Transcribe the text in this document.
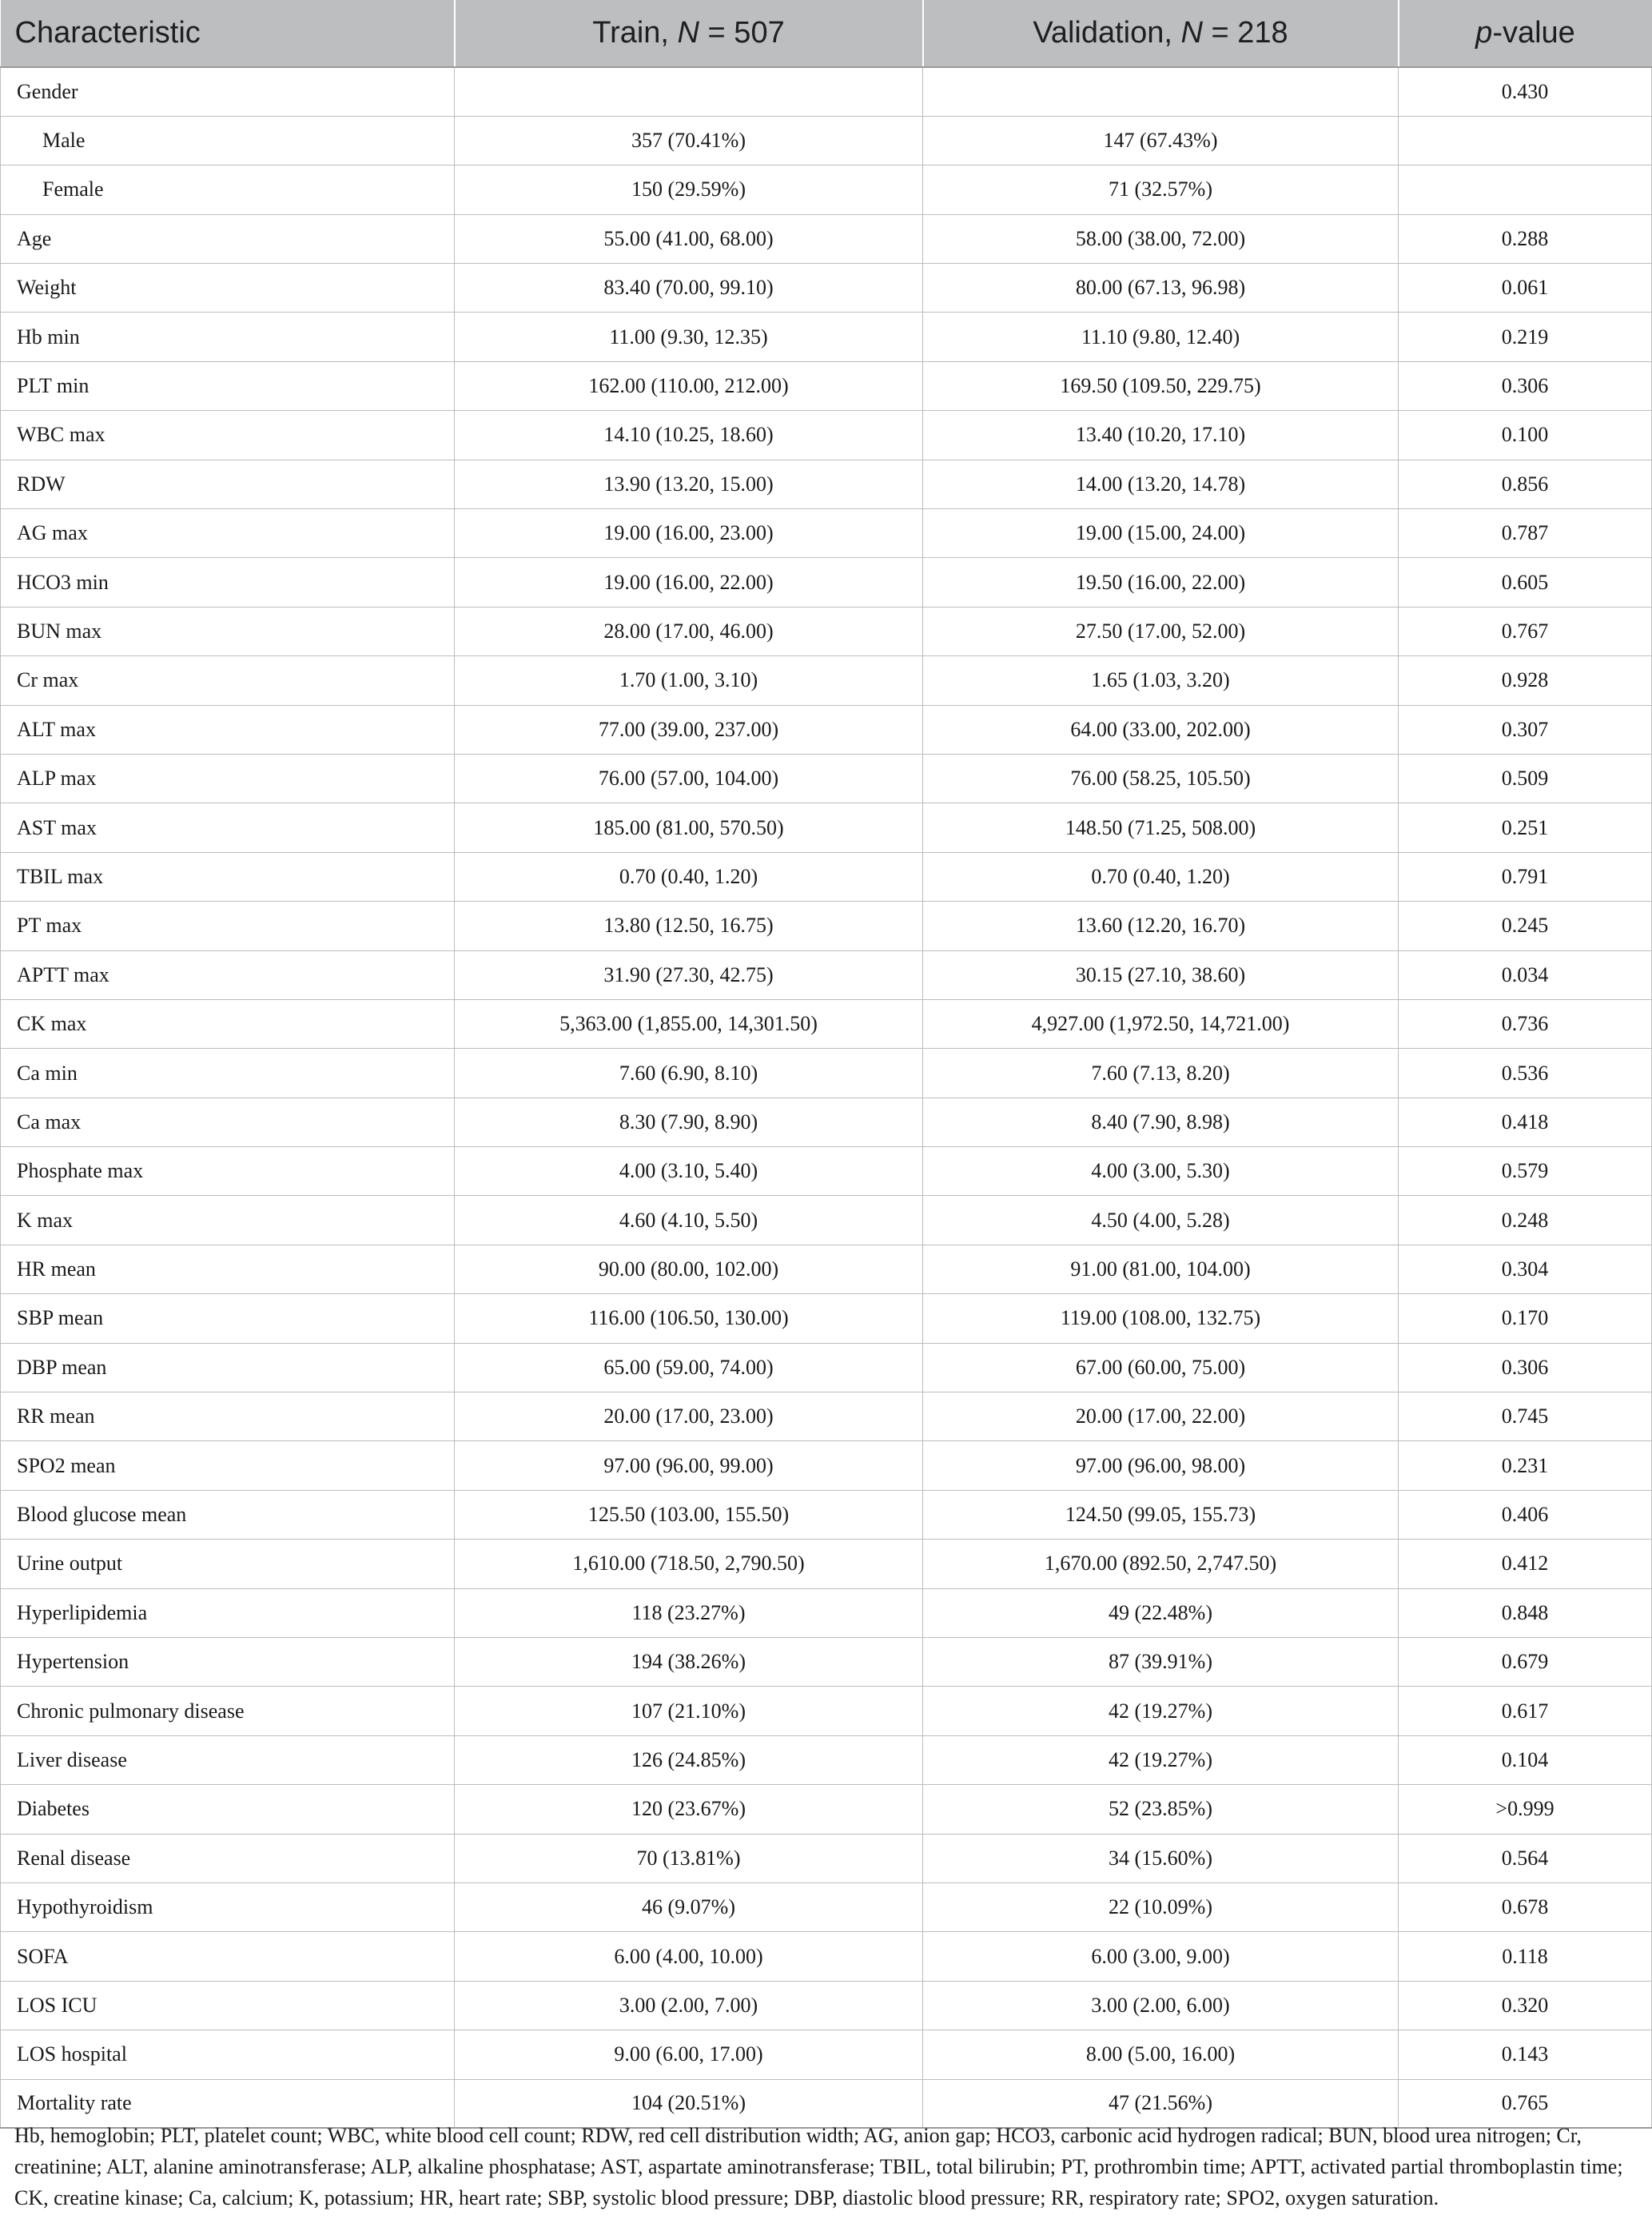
Characteristic	Train, N = 507	Validation, N = 218	p-value
Gender			0.430
Male	357 (70.41%)	147 (67.43%)	
Female	150 (29.59%)	71 (32.57%)	
Age	55.00 (41.00, 68.00)	58.00 (38.00, 72.00)	0.288
Weight	83.40 (70.00, 99.10)	80.00 (67.13, 96.98)	0.061
Hb min	11.00 (9.30, 12.35)	11.10 (9.80, 12.40)	0.219
PLT min	162.00 (110.00, 212.00)	169.50 (109.50, 229.75)	0.306
WBC max	14.10 (10.25, 18.60)	13.40 (10.20, 17.10)	0.100
RDW	13.90 (13.20, 15.00)	14.00 (13.20, 14.78)	0.856
AG max	19.00 (16.00, 23.00)	19.00 (15.00, 24.00)	0.787
HCO3 min	19.00 (16.00, 22.00)	19.50 (16.00, 22.00)	0.605
BUN max	28.00 (17.00, 46.00)	27.50 (17.00, 52.00)	0.767
Cr max	1.70 (1.00, 3.10)	1.65 (1.03, 3.20)	0.928
ALT max	77.00 (39.00, 237.00)	64.00 (33.00, 202.00)	0.307
ALP max	76.00 (57.00, 104.00)	76.00 (58.25, 105.50)	0.509
AST max	185.00 (81.00, 570.50)	148.50 (71.25, 508.00)	0.251
TBIL max	0.70 (0.40, 1.20)	0.70 (0.40, 1.20)	0.791
PT max	13.80 (12.50, 16.75)	13.60 (12.20, 16.70)	0.245
APTT max	31.90 (27.30, 42.75)	30.15 (27.10, 38.60)	0.034
CK max	5,363.00 (1,855.00, 14,301.50)	4,927.00 (1,972.50, 14,721.00)	0.736
Ca min	7.60 (6.90, 8.10)	7.60 (7.13, 8.20)	0.536
Ca max	8.30 (7.90, 8.90)	8.40 (7.90, 8.98)	0.418
Phosphate max	4.00 (3.10, 5.40)	4.00 (3.00, 5.30)	0.579
K max	4.60 (4.10, 5.50)	4.50 (4.00, 5.28)	0.248
HR mean	90.00 (80.00, 102.00)	91.00 (81.00, 104.00)	0.304
SBP mean	116.00 (106.50, 130.00)	119.00 (108.00, 132.75)	0.170
DBP mean	65.00 (59.00, 74.00)	67.00 (60.00, 75.00)	0.306
RR mean	20.00 (17.00, 23.00)	20.00 (17.00, 22.00)	0.745
SPO2 mean	97.00 (96.00, 99.00)	97.00 (96.00, 98.00)	0.231
Blood glucose mean	125.50 (103.00, 155.50)	124.50 (99.05, 155.73)	0.406
Urine output	1,610.00 (718.50, 2,790.50)	1,670.00 (892.50, 2,747.50)	0.412
Hyperlipidemia	118 (23.27%)	49 (22.48%)	0.848
Hypertension	194 (38.26%)	87 (39.91%)	0.679
Chronic pulmonary disease	107 (21.10%)	42 (19.27%)	0.617
Liver disease	126 (24.85%)	42 (19.27%)	0.104
Diabetes	120 (23.67%)	52 (23.85%)	>0.999
Renal disease	70 (13.81%)	34 (15.60%)	0.564
Hypothyroidism	46 (9.07%)	22 (10.09%)	0.678
SOFA	6.00 (4.00, 10.00)	6.00 (3.00, 9.00)	0.118
LOS ICU	3.00 (2.00, 7.00)	3.00 (2.00, 6.00)	0.320
LOS hospital	9.00 (6.00, 17.00)	8.00 (5.00, 16.00)	0.143
Mortality rate	104 (20.51%)	47 (21.56%)	0.765
Hb, hemoglobin; PLT, platelet count; WBC, white blood cell count; RDW, red cell distribution width; AG, anion gap; HCO3, carbonic acid hydrogen radical; BUN, blood urea nitrogen; Cr, creatinine; ALT, alanine aminotransferase; ALP, alkaline phosphatase; AST, aspartate aminotransferase; TBIL, total bilirubin; PT, prothrombin time; APTT, activated partial thromboplastin time; CK, creatine kinase; Ca, calcium; K, potassium; HR, heart rate; SBP, systolic blood pressure; DBP, diastolic blood pressure; RR, respiratory rate; SPO2, oxygen saturation.
